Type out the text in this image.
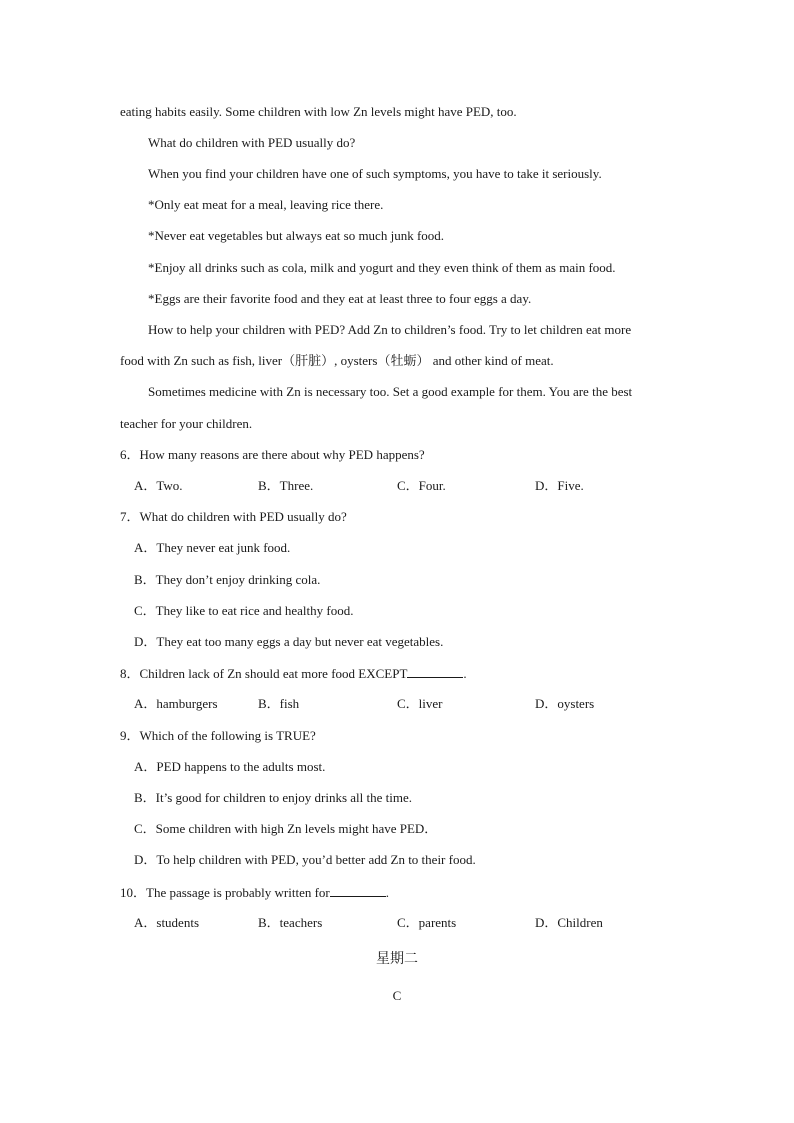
eating habits easily. Some children with low Zn levels might have PED, too.
What do children with PED usually do?
When you find your children have one of such symptoms, you have to take it seriously.
*Only eat meat for a meal, leaving rice there.
*Never eat vegetables but always eat so much junk food.
*Enjoy all drinks such as cola, milk and yogurt and they even think of them as main food.
*Eggs are their favorite food and they eat at least three to four eggs a day.
How to help your children with PED? Add Zn to children’s food. Try to let children eat more
food with Zn such as fish, liver（肝脏）, oysters（牡蛎） and other kind of meat.
Sometimes medicine with Zn is necessary too. Set a good example for them. You are the best
teacher for your children.
6．How many reasons are there about why PED happens?
A．Two.	B．Three.	C．Four.	D．Five.
7．What do children with PED usually do?
A．They never eat junk food.
B．They don’t enjoy drinking cola.
C．They like to eat rice and healthy food.
D．They eat too many eggs a day but never eat vegetables.
8．Children lack of Zn should eat more food EXCEPT	.
A．hamburgers	B．fish	C．liver	D．oysters
9．Which of the following is TRUE?
A．PED happens to the adults most.
B．It’s good for children to enjoy drinks all the time.
C．Some children with high Zn levels might have PED．
D．To help children with PED, you’d better add Zn to their food.
10．The passage is probably written for	.
A．students	B．teachers	C．parents	D．Children
星期二
C
